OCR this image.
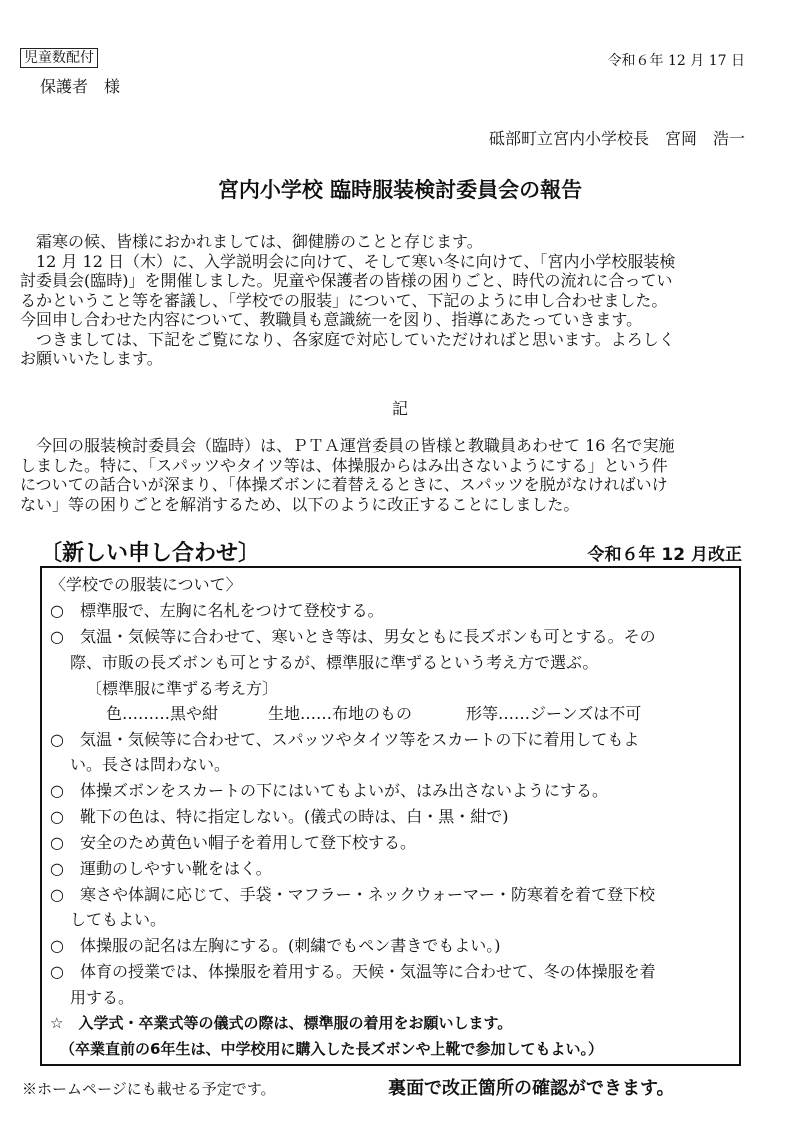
児童数配付	令和６年 12 月 17 日
保護者　様
砥部町立宮内小学校長　宮岡　浩一
宮内小学校 臨時服装検討委員会の報告
霜寒の候、皆様におかれましては、御健勝のことと存じます。
12 月 12 日（木）に、入学説明会に向けて、そして寒い冬に向けて、「宮内小学校服装検
討委員会(臨時)」を開催しました。児童や保護者の皆様の困りごと、時代の流れに合ってい
るかということ等を審議し、「学校での服装」について、下記のように申し合わせました。
今回申し合わせた内容について、教職員も意識統一を図り、指導にあたっていきます。
つきましては、下記をご覧になり、各家庭で対応していただければと思います。よろしく
お願いいたします。
記
今回の服装検討委員会（臨時）は、ＰＴＡ運営委員の皆様と教職員あわせて 16 名で実施
しました。特に、「スパッツやタイツ等は、体操服からはみ出さないようにする」という件
についての話合いが深まり、「体操ズボンに着替えるときに、スパッツを脱がなければいけ
ない」等の困りごとを解消するため、以下のように改正することにしました。
〔新しい申し合わせ〕	令和６年 12 月改正
〈学校での服装について〉
○　標準服で、左胸に名札をつけて登校する。
○　気温・気候等に合わせて、寒いとき等は、男女ともに長ズボンも可とする。その
際、市販の長ズボンも可とするが、標準服に準ずるという考え方で選ぶ。
〔標準服に準ずる考え方〕
色………黒や紺	生地……布地のもの	形等……ジーンズは不可
○　気温・気候等に合わせて、スパッツやタイツ等をスカートの下に着用してもよ
い。長さは問わない。
○　体操ズボンをスカートの下にはいてもよいが、はみ出さないようにする。
○　靴下の色は、特に指定しない。(儀式の時は、白・黒・紺で)
○　安全のため黄色い帽子を着用して登下校する。
○　運動のしやすい靴をはく。
○　寒さや体調に応じて、手袋・マフラー・ネックウォーマー・防寒着を着て登下校
してもよい。
○　体操服の記名は左胸にする。(刺繍でもペン書きでもよい。)
○　体育の授業では、体操服を着用する。天候・気温等に合わせて、冬の体操服を着
用する。
☆　入学式・卒業式等の儀式の際は、標準服の着用をお願いします。
（卒業直前の6年生は、中学校用に購入した長ズボンや上靴で参加してもよい。）
※ホームページにも載せる予定です。	裏面で改正箇所の確認ができます。
